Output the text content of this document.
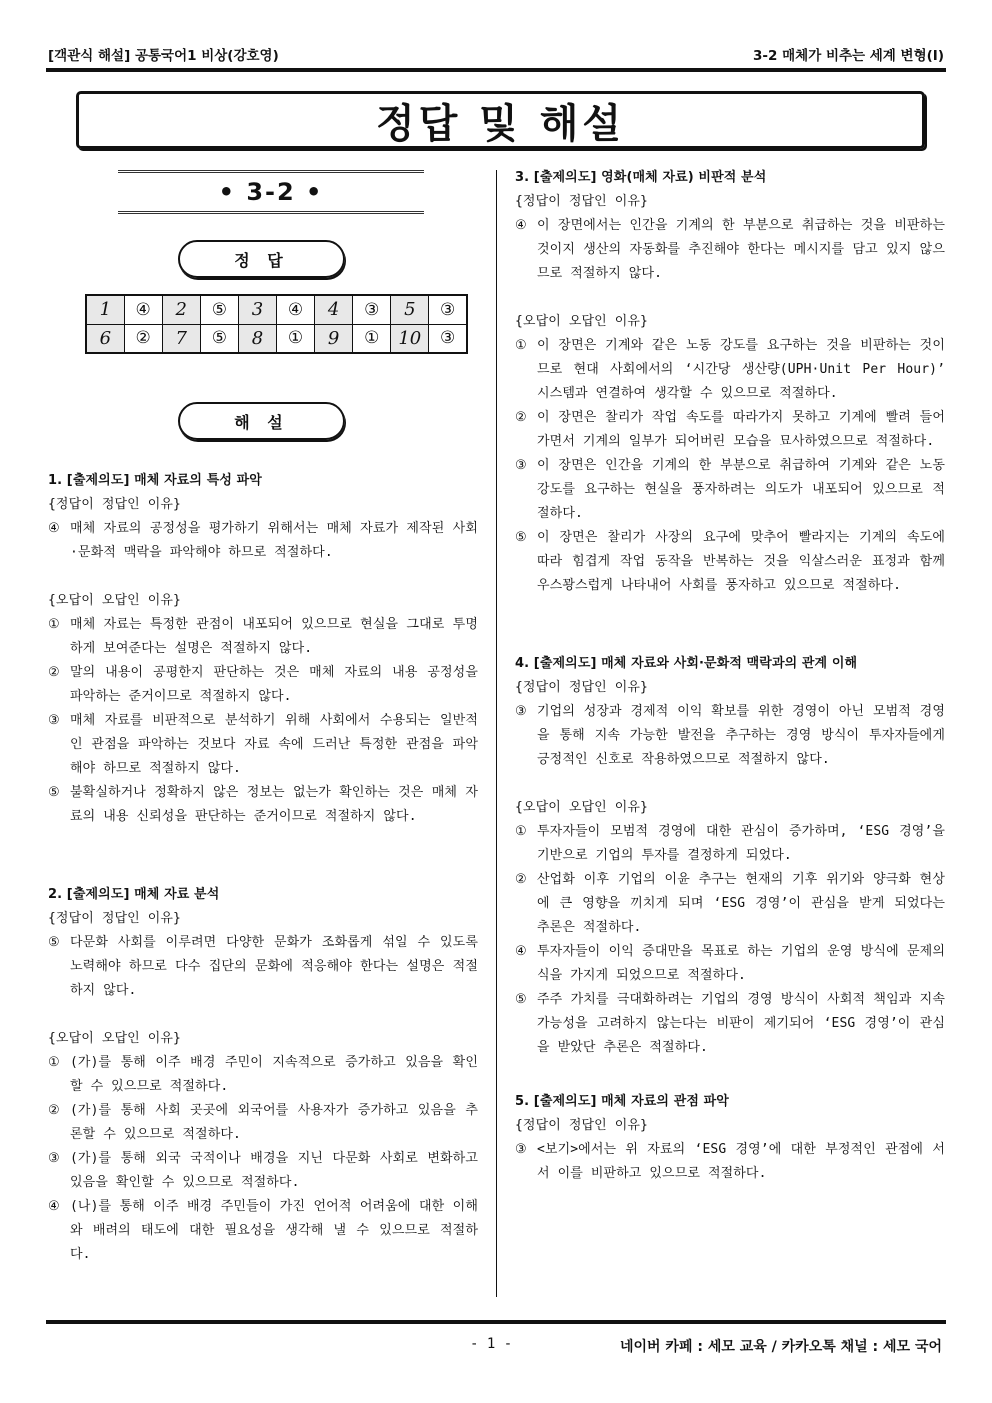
[객관식 해설] 공통국어1 비상(강호영)	3-2 매체가 비추는 세계 변형(I)
정답 및 해설
• 3-2 •
정 답
1	④	2	⑤	3	④	4	③	5	③
6	②	7	⑤	8	①	9	①	10	③
해 설
1. [출제의도] 매체 자료의 특성 파악
{정답이 정답인 이유}
④ 매체 자료의 공정성을 평가하기 위해서는 매체 자료가 제작된 사회·문화적 맥락을 파악해야 하므로 적절하다.
{오답이 오답인 이유}
① 매체 자료는 특정한 관점이 내포되어 있으므로 현실을 그대로 투명하게 보여준다는 설명은 적절하지 않다.
② 말의 내용이 공평한지 판단하는 것은 매체 자료의 내용 공정성을 파악하는 준거이므로 적절하지 않다.
③ 매체 자료를 비판적으로 분석하기 위해 사회에서 수용되는 일반적인 관점을 파악하는 것보다 자료 속에 드러난 특정한 관점을 파악해야 하므로 적절하지 않다.
⑤ 불확실하거나 정확하지 않은 정보는 없는가 확인하는 것은 매체 자료의 내용 신뢰성을 판단하는 준거이므로 적절하지 않다.
2. [출제의도] 매체 자료 분석
{정답이 정답인 이유}
⑤ 다문화 사회를 이루려면 다양한 문화가 조화롭게 섞일 수 있도록 노력해야 하므로 다수 집단의 문화에 적응해야 한다는 설명은 적절하지 않다.
{오답이 오답인 이유}
① (가)를 통해 이주 배경 주민이 지속적으로 증가하고 있음을 확인할 수 있으므로 적절하다.
② (가)를 통해 사회 곳곳에 외국어를 사용자가 증가하고 있음을 추론할 수 있으므로 적절하다.
③ (가)를 통해 외국 국적이나 배경을 지닌 다문화 사회로 변화하고 있음을 확인할 수 있으므로 적절하다.
④ (나)를 통해 이주 배경 주민들이 가진 언어적 어려움에 대한 이해와 배려의 태도에 대한 필요성을 생각해 낼 수 있으므로 적절하다.
3. [출제의도] 영화(매체 자료) 비판적 분석
{정답이 정답인 이유}
④ 이 장면에서는 인간을 기계의 한 부분으로 취급하는 것을 비판하는 것이지 생산의 자동화를 추진해야 한다는 메시지를 담고 있지 않으므로 적절하지 않다.
{오답이 오답인 이유}
① 이 장면은 기계와 같은 노동 강도를 요구하는 것을 비판하는 것이므로 현대 사회에서의 ‘시간당 생산량(UPH·Unit Per Hour)’ 시스템과 연결하여 생각할 수 있으므로 적절하다.
② 이 장면은 찰리가 작업 속도를 따라가지 못하고 기계에 빨려 들어가면서 기계의 일부가 되어버린 모습을 묘사하였으므로 적절하다.
③ 이 장면은 인간을 기계의 한 부분으로 취급하여 기계와 같은 노동 강도를 요구하는 현실을 풍자하려는 의도가 내포되어 있으므로 적절하다.
⑤ 이 장면은 찰리가 사장의 요구에 맞추어 빨라지는 기계의 속도에 따라 힘겹게 작업 동작을 반복하는 것을 익살스러운 표정과 함께 우스꽝스럽게 나타내어 사회를 풍자하고 있으므로 적절하다.
4. [출제의도] 매체 자료와 사회·문화적 맥락과의 관계 이해
{정답이 정답인 이유}
③ 기업의 성장과 경제적 이익 확보를 위한 경영이 아닌 모범적 경영을 통해 지속 가능한 발전을 추구하는 경영 방식이 투자자들에게 긍정적인 신호로 작용하였으므로 적절하지 않다.
{오답이 오답인 이유}
① 투자자들이 모범적 경영에 대한 관심이 증가하며, ‘ESG 경영’을 기반으로 기업의 투자를 결정하게 되었다.
② 산업화 이후 기업의 이윤 추구는 현재의 기후 위기와 양극화 현상에 큰 영향을 끼치게 되며 ‘ESG 경영’이 관심을 받게 되었다는 추론은 적절하다.
④ 투자자들이 이익 증대만을 목표로 하는 기업의 운영 방식에 문제의식을 가지게 되었으므로 적절하다.
⑤ 주주 가치를 극대화하려는 기업의 경영 방식이 사회적 책임과 지속 가능성을 고려하지 않는다는 비판이 제기되어 ‘ESG 경영’이 관심을 받았단 추론은 적절하다.
5. [출제의도] 매체 자료의 관점 파악
{정답이 정답인 이유}
③ <보기>에서는 위 자료의 ‘ESG 경영’에 대한 부정적인 관점에 서서 이를 비판하고 있으므로 적절하다.
- 1 -	네이버 카페 : 세모 교육 / 카카오톡 채널 : 세모 국어
